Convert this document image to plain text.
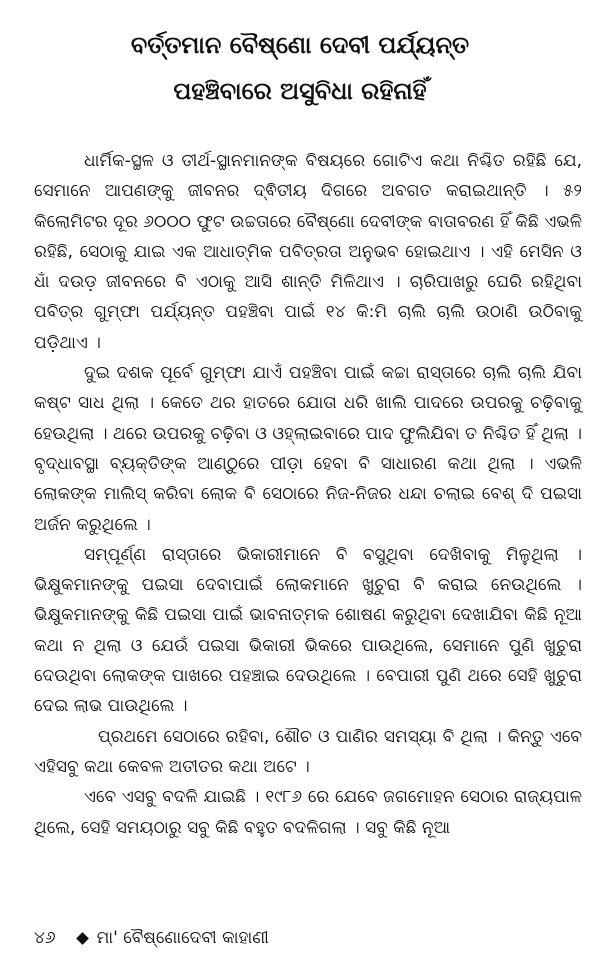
ବର୍ତ୍ତମାନ ବୈଷ୍ଣୋ ଦେବୀ ପର୍ଯ୍ୟନ୍ତ
ପହଞ୍ଚିବାରେ ଅସୁବିଧା ରହିନାହିଁ

ଧାର୍ମିକ-ସ୍ଥଳ ଓ ତୀର୍ଥ-ସ୍ଥାନମାନଙ୍କ ବିଷୟରେ ଗୋଟିଏ କଥା ନିଶ୍ଚିତ ରହିଛି ଯେ, ସେମାନେ ଆପଣଙ୍କୁ ଜୀବନର ଦ୍ଵିତୀୟ ଦିଗରେ ଅବଗତ କରାଇଥାନ୍ତି । ୫୨ କିଲୋମିଟର ଦୂର ୬୦୦୦ ଫୁଟ ଉଚ୍ଚତାରେ ବୈଷ୍ଣୋ ଦେବୀଙ୍କ ବାତାବରଣ ହିଁ କିଛି ଏଭଳି ରହିଛି, ସେଠାକୁ ଯାଇ ଏକ ଆଧାତ୍ମିକ ପବିତ୍ରତା ଅନୁଭବ ହୋଇଥାଏ । ଏହି ମେସିନ ଓ ଧାଁ ଦଉଡ଼ ଜୀବନରେ ବି ଏଠାକୁ ଆସି ଶାନ୍ତି ମିଳିଥାଏ । ଚାରିପାଖରୁ ଘେରି ରହିଥିବା ପବିତ୍ର ଗୁମ୍ଫା ପର୍ଯ୍ୟନ୍ତ ପହଞ୍ଚିବା ପାଇଁ ୧୪ କି:ମି ଚାଲି ଚାଲି ଉଠାଣି ଉଠିବାକୁ ପଡ଼ିଥାଏ ।

ଦୁଇ ଦଶକ ପୂର୍ବେ ଗୁମ୍ଫା ଯାଏଁ ପହଞ୍ଚିବା ପାଇଁ କଚ୍ଚା ରାସ୍ତାରେ ଚାଲି ଚାଲି ଯିବା କଷ୍ଟ ସାଧ ଥିଲା । କେତେ ଥର ହାତରେ ଯୋତା ଧରି ଖାଲି ପାଦରେ ଉପରକୁ ଚଢ଼ିବାକୁ ହେଉଥିଲା । ଥରେ ଉପରକୁ ଚଢ଼ିବା ଓ ଓହ୍ଲାଇବାରେ ପାଦ ଫୁଲିଯିବା ତ ନିଶ୍ଚିତ ହିଁ ଥିଲା । ବୃଦ୍ଧାବସ୍ଥା ବ୍ୟକ୍ତିଙ୍କ ଆଣ୍ଠୁରେ ପୀଡ଼ା ହେବା ବି ସାଧାରଣ କଥା ଥିଲା । ଏଭଳି ଲୋକଙ୍କ ମାଲିସ୍ କରିବା ଲୋକ ବି ସେଠାରେ ନିଜ-ନିଜର ଧନ୍ଦା ଚଲାଇ ବେଶ୍ ଦି ପଇସା ଅର୍ଜନ କରୁଥିଲେ ।

ସମ୍ପୂର୍ଣ୍ଣ ରାସ୍ତାରେ ଭିକାରୀମାନେ ବି ବସୁଥିବା ଦେଖିବାକୁ ମିଳୁଥିଲା । ଭିକ୍ଷୁକମାନଙ୍କୁ ପଇସା ଦେବାପାଇଁ ଲୋକମାନେ ଖୁଚୁରା ବି କରାଇ ନେଉଥିଲେ । ଭିକ୍ଷୁକମାନଙ୍କୁ କିଛି ପଇସା ପାଇଁ ଭାବନାତ୍ମକ ଶୋଷଣ କରୁଥିବା ଦେଖାଯିବା କିଛି ନୂଆ କଥା ନ ଥିଲା ଓ ଯେଉଁ ପଇସା ଭିକାରୀ ଭିକରେ ପାଉଥିଲେ, ସେମାନେ ପୁଣି ଖୁଚୁରା ଦେଉଥିବା ଲୋକଙ୍କ ପାଖରେ ପହଞ୍ଚାଇ ଦେଉଥିଲେ । ବେପାରୀ ପୁଣି ଥରେ ସେହି ଖୁଚୁରା ଦେଇ ଲାଭ ପାଉଥିଲେ ।

ପ୍ରଥମେ ସେଠାରେ ରହିବା, ଶୌଚ ଓ ପାଣିର ସମସ୍ୟା ବି ଥିଲା । କିନ୍ତୁ ଏବେ ଏହିସବୁ କଥା କେବଳ ଅତୀତର କଥା ଅଟେ ।

ଏବେ ଏସବୁ ବଦଳି ଯାଇଛି । ୧୯୮୬ ରେ ଯେବେ ଜଗମୋହନ ସେଠାର ରାଜ୍ୟପାଳ ଥିଲେ, ସେହି ସମୟଠାରୁ ସବୁ କିଛି ବହୁତ ବଦଳିଗଲା । ସବୁ କିଛି ନୂଆ

୪୬ ମା' ବୈଷ୍ଣୋଦେବୀ କାହାଣୀ
